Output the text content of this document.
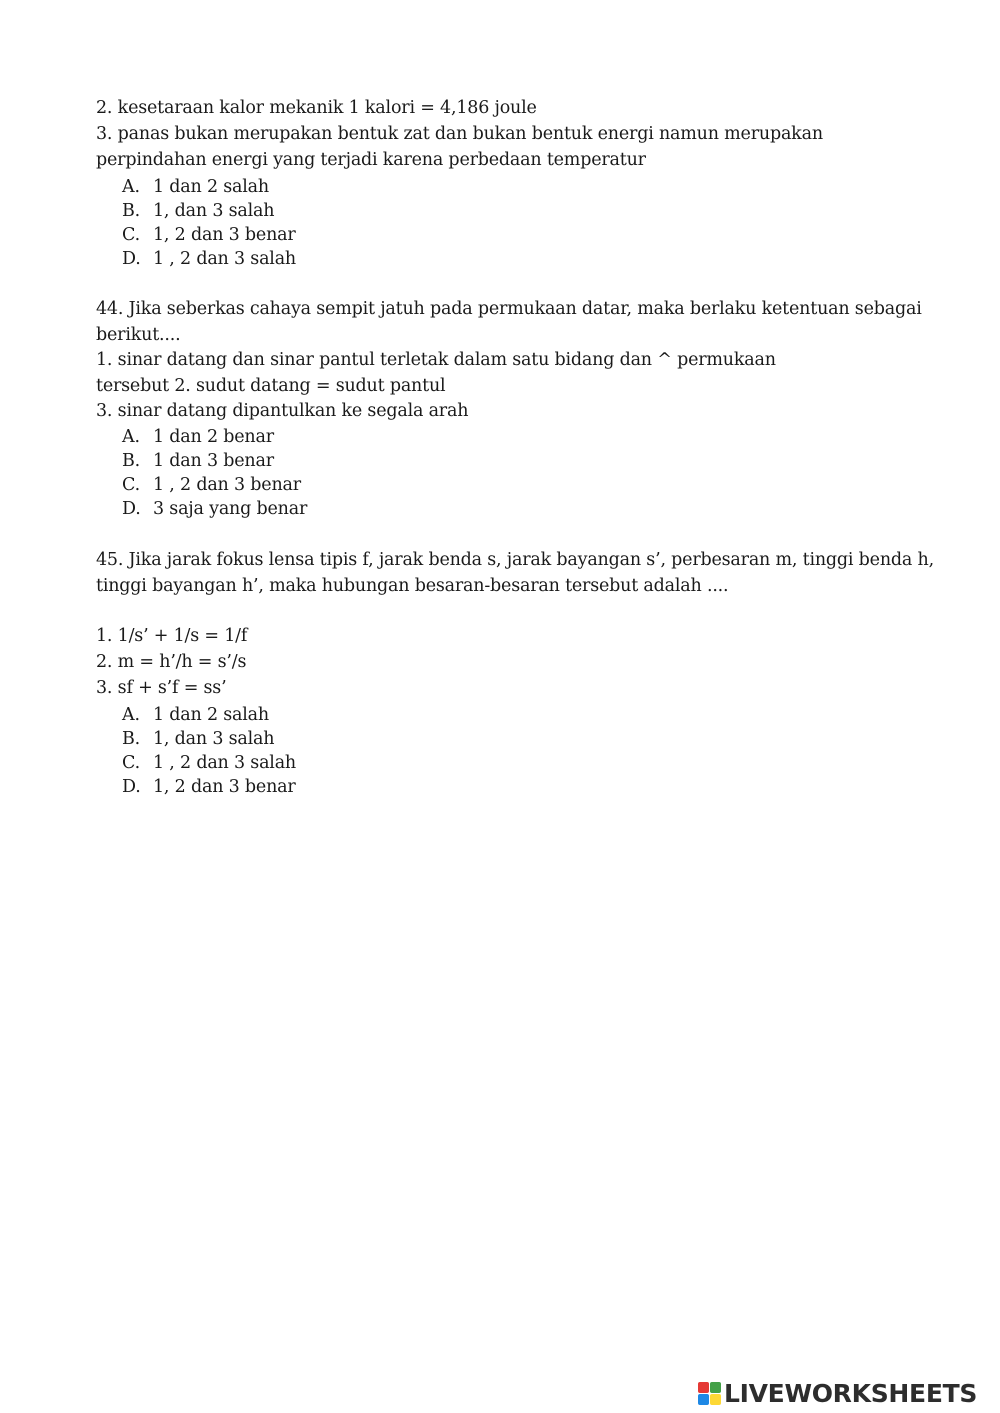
2. kesetaraan kalor mekanik 1 kalori = 4,186 joule
3. panas bukan merupakan bentuk zat dan bukan bentuk energi namun merupakan
perpindahan energi yang terjadi karena perbedaan temperatur
A. 1 dan 2 salah
B. 1, dan 3 salah
C. 1, 2 dan 3 benar
D. 1 , 2 dan 3 salah
44. Jika seberkas cahaya sempit jatuh pada permukaan datar, maka berlaku ketentuan sebagai
berikut....
1. sinar datang dan sinar pantul terletak dalam satu bidang dan ^ permukaan
tersebut 2. sudut datang = sudut pantul
3. sinar datang dipantulkan ke segala arah
A. 1 dan 2 benar
B. 1 dan 3 benar
C. 1 , 2 dan 3 benar
D. 3 saja yang benar
45. Jika jarak fokus lensa tipis f, jarak benda s, jarak bayangan s’, perbesaran m, tinggi benda h,
tinggi bayangan h’, maka hubungan besaran-besaran tersebut adalah ....
1. 1/s’ + 1/s = 1/f
2. m = h’/h = s’/s
3. sf + s’f = ss’
A. 1 dan 2 salah
B. 1, dan 3 salah
C. 1 , 2 dan 3 salah
D. 1, 2 dan 3 benar
LIVEWORKSHEETS
